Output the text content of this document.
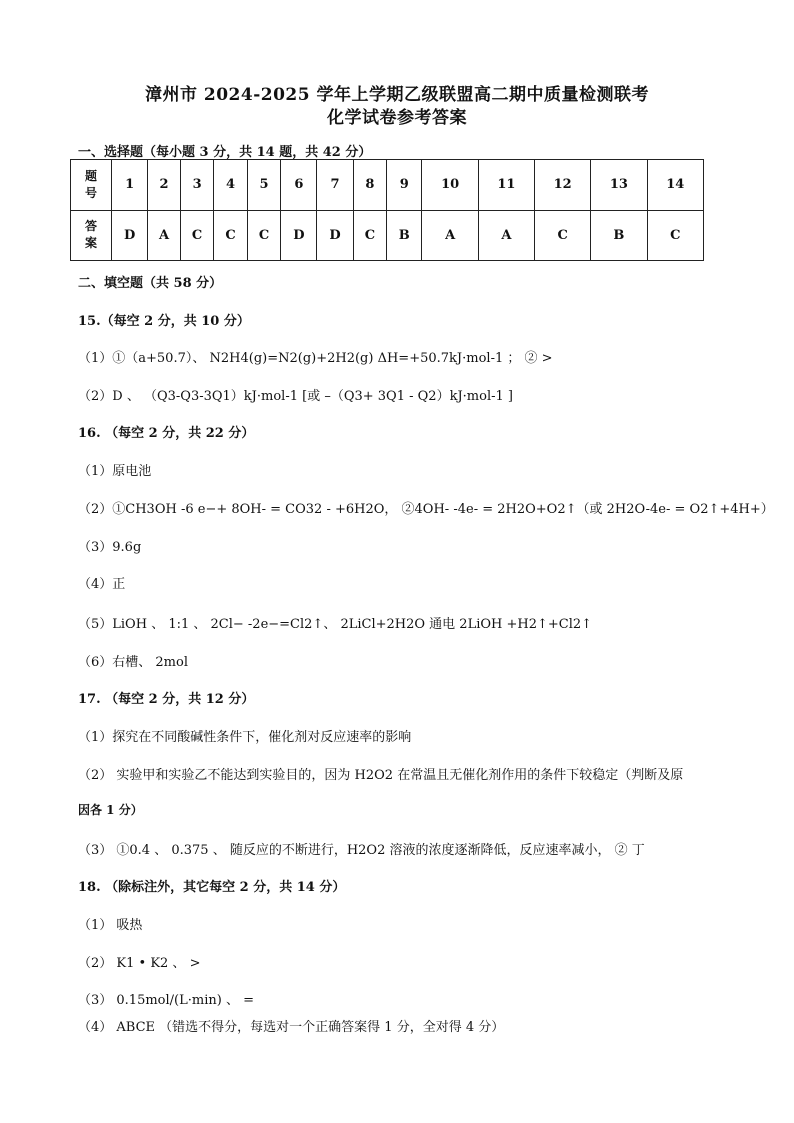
漳州市 2024-2025 学年上学期乙级联盟高二期中质量检测联考
化学试卷参考答案
一、选择题（每小题 3 分，共 14 题，共 42 分）
题
号	1	2	3	4	5	6	7	8	9	10	11	12	13	14
答
案	D	A	C	C	C	D	D	C	B	A	A	C	B	C
二、填空题（共 58 分）
15.（每空 2 分，共 10 分）
（1）①（a+50.7）、 N2H4(g)=N2(g)+2H2(g) ΔH=+50.7kJ·mol-1 ； ② >
（2）D 、 （Q3-Q3-3Q1）kJ·mol-1 [或 –（Q3+ 3Q1 - Q2）kJ·mol-1 ]
16. （每空 2 分，共 22 分）
（1）原电池
（2）①CH3OH -6 e−+ 8OH- = CO32 - +6H2O， ②4OH- -4e- = 2H2O+O2↑（或 2H2O-4e- = O2↑+4H+）
（3）9.6g
（4）正
（5）LiOH 、 1:1 、 2Cl− -2e−=Cl2↑、 2LiCl+2H2O 通电 2LiOH +H2↑+Cl2↑
（6）右槽、 2mol
17. （每空 2 分，共 12 分）
（1）探究在不同酸碱性条件下，催化剂对反应速率的影响
（2） 实验甲和实验乙不能达到实验目的，因为 H2O2 在常温且无催化剂作用的条件下较稳定（判断及原
因各 1 分）
（3） ①0.4 、 0.375 、 随反应的不断进行，H2O2 溶液的浓度逐渐降低，反应速率减小， ② 丁
18. （除标注外，其它每空 2 分，共 14 分）
（1） 吸热
（2） K1 • K2 、 >
（3） 0.15mol/(L·min) 、 =
（4） ABCE （错选不得分，每选对一个正确答案得 1 分，全对得 4 分）
